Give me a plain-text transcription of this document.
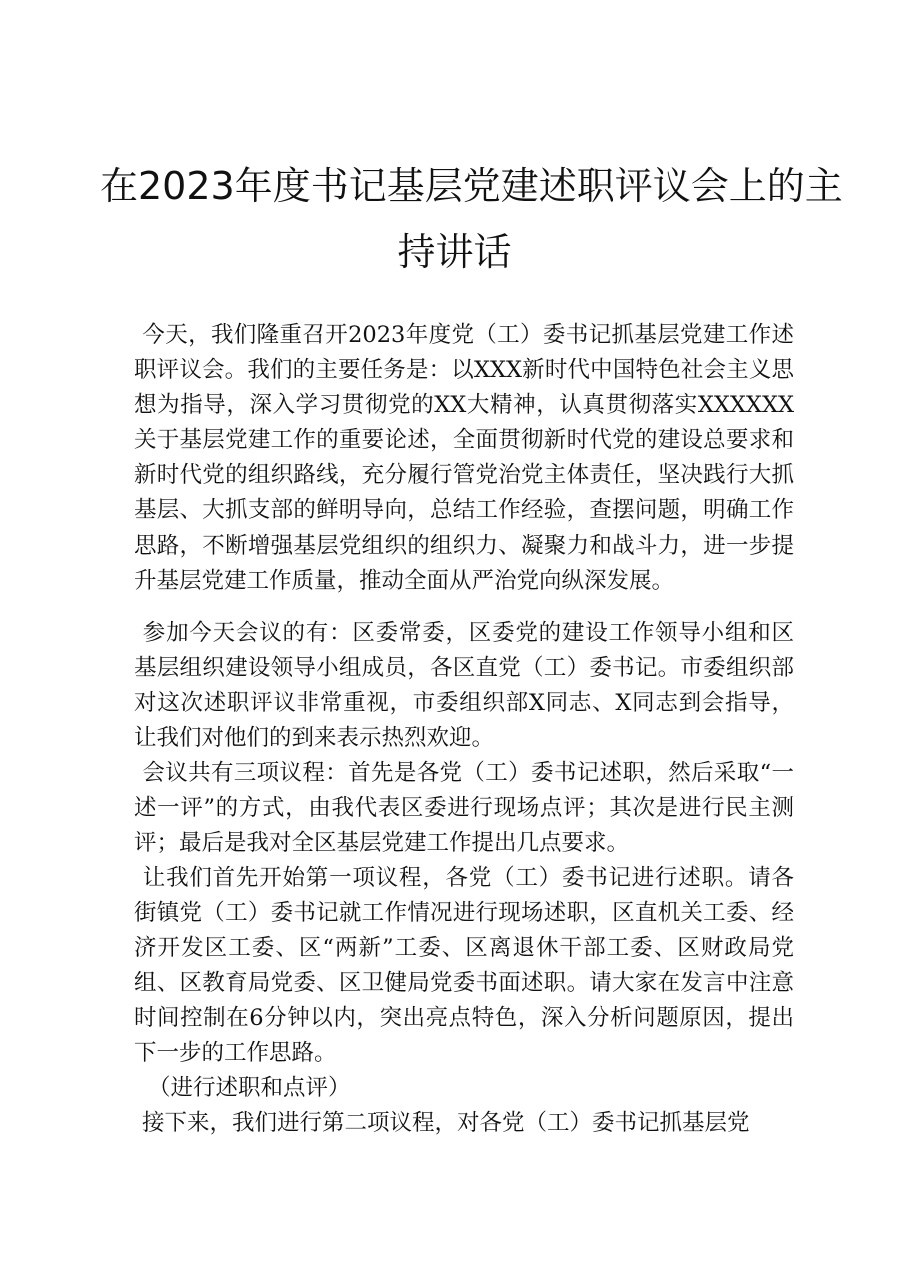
在2023年度书记基层党建述职评议会上的主
持讲话

今天，我们隆重召开2023年度党（工）委书记抓基层党建工作述职评议会。我们的主要任务是：以XXX新时代中国特色社会主义思想为指导，深入学习贯彻党的XX大精神，认真贯彻落实XXXXXX关于基层党建工作的重要论述，全面贯彻新时代党的建设总要求和新时代党的组织路线，充分履行管党治党主体责任，坚决践行大抓基层、大抓支部的鲜明导向，总结工作经验，查摆问题，明确工作思路，不断增强基层党组织的组织力、凝聚力和战斗力，进一步提升基层党建工作质量，推动全面从严治党向纵深发展。

参加今天会议的有：区委常委，区委党的建设工作领导小组和区基层组织建设领导小组成员，各区直党（工）委书记。市委组织部对这次述职评议非常重视，市委组织部X同志、X同志到会指导，让我们对他们的到来表示热烈欢迎。

会议共有三项议程：首先是各党（工）委书记述职，然后采取“一述一评”的方式，由我代表区委进行现场点评；其次是进行民主测评；最后是我对全区基层党建工作提出几点要求。

让我们首先开始第一项议程，各党（工）委书记进行述职。请各街镇党（工）委书记就工作情况进行现场述职，区直机关工委、经济开发区工委、区“两新”工委、区离退休干部工委、区财政局党组、区教育局党委、区卫健局党委书面述职。请大家在发言中注意时间控制在6分钟以内，突出亮点特色，深入分析问题原因，提出下一步的工作思路。

（进行述职和点评）

接下来，我们进行第二项议程，对各党（工）委书记抓基层党
